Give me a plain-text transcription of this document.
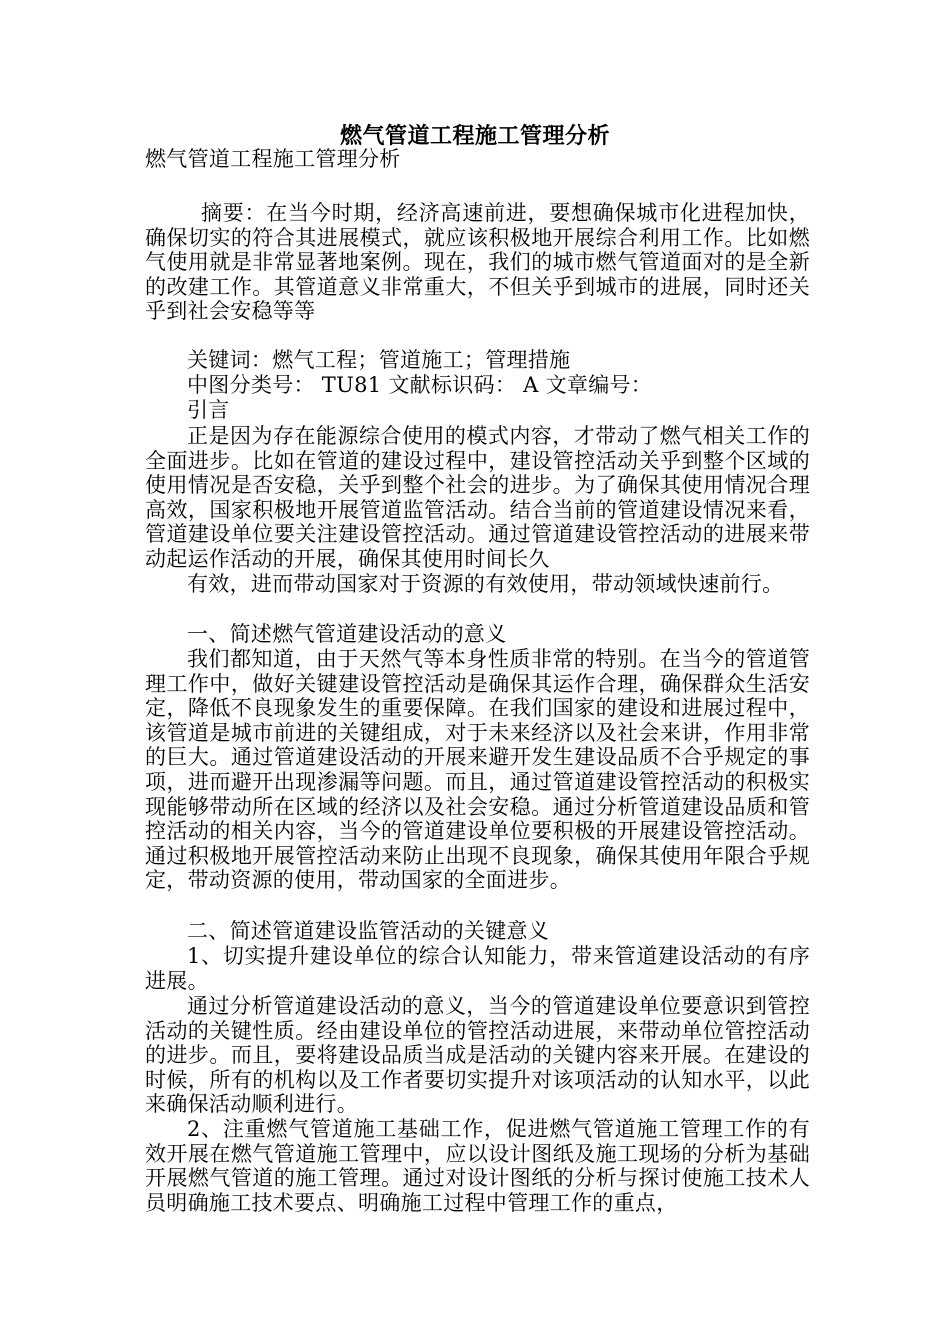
燃气管道工程施工管理分析

燃气管道工程施工管理分析

摘要：在当今时期，经济高速前进，要想确保城市化进程加快，确保切实的符合其进展模式，就应该积极地开展综合利用工作。比如燃气使用就是非常显著地案例。现在，我们的城市燃气管道面对的是全新的改建工作。其管道意义非常重大，不但关乎到城市的进展，同时还关乎到社会安稳等等

关键词：燃气工程；管道施工；管理措施

中图分类号： TU81 文献标识码： A 文章编号：

引言

正是因为存在能源综合使用的模式内容，才带动了燃气相关工作的全面进步。比如在管道的建设过程中，建设管控活动关乎到整个区域的使用情况是否安稳，关乎到整个社会的进步。为了确保其使用情况合理高效，国家积极地开展管道监管活动。结合当前的管道建设情况来看，管道建设单位要关注建设管控活动。通过管道建设管控活动的进展来带动起运作活动的开展，确保其使用时间长久

有效，进而带动国家对于资源的有效使用，带动领域快速前行。

一、简述燃气管道建设活动的意义

我们都知道，由于天然气等本身性质非常的特别。在当今的管道管理工作中，做好关键建设管控活动是确保其运作合理，确保群众生活安定，降低不良现象发生的重要保障。在我们国家的建设和进展过程中，该管道是城市前进的关键组成，对于未来经济以及社会来讲，作用非常的巨大。通过管道建设活动的开展来避开发生建设品质不合乎规定的事项，进而避开出现渗漏等问题。而且，通过管道建设管控活动的积极实现能够带动所在区域的经济以及社会安稳。通过分析管道建设品质和管控活动的相关内容，当今的管道建设单位要积极的开展建设管控活动。通过积极地开展管控活动来防止出现不良现象，确保其使用年限合乎规定，带动资源的使用，带动国家的全面进步。

二、简述管道建设监管活动的关键意义

1、切实提升建设单位的综合认知能力，带来管道建设活动的有序进展。

通过分析管道建设活动的意义，当今的管道建设单位要意识到管控活动的关键性质。经由建设单位的管控活动进展，来带动单位管控活动的进步。而且，要将建设品质当成是活动的关键内容来开展。在建设的时候，所有的机构以及工作者要切实提升对该项活动的认知水平，以此来确保活动顺利进行。

2、注重燃气管道施工基础工作，促进燃气管道施工管理工作的有效开展在燃气管道施工管理中，应以设计图纸及施工现场的分析为基础开展燃气管道的施工管理。通过对设计图纸的分析与探讨使施工技术人员明确施工技术要点、明确施工过程中管理工作的重点，
